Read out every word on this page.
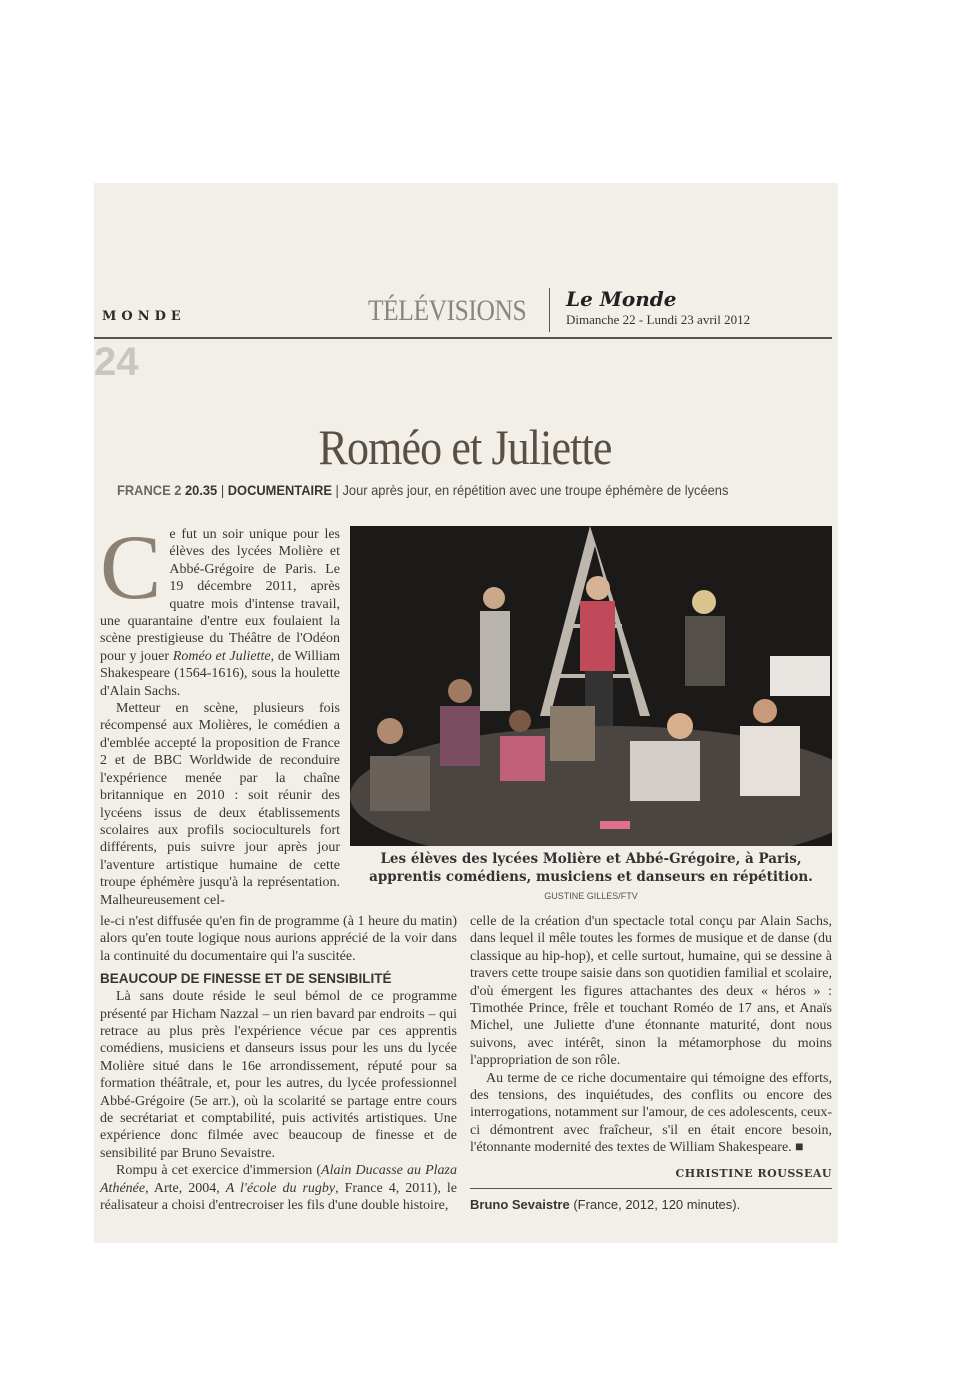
MONDE	TÉLÉVISIONS Le Monde
Dimanche 22 - Lundi 23 avril 2012
24
Roméo et Juliette
FRANCE 2 20.35 | DOCUMENTAIRE | Jour après jour, en répétition avec une troupe éphémère de lycéens

Ce fut un soir unique pour les élèves des lycées Molière et Abbé-Grégoire de Paris. Le 19 décembre 2011, après quatre mois d'intense travail, une quarantaine d'entre eux foulaient la scène prestigieuse du Théâtre de l'Odéon pour y jouer Roméo et Juliette, de William Shakespeare (1564-1616), sous la houlette d'Alain Sachs.

Metteur en scène, plusieurs fois récompensé aux Molières, le comédien a d'emblée accepté la proposition de France 2 et de BBC Worldwide de reconduire l'expérience menée par la chaîne britannique en 2010 : soit réunir des lycéens issus de deux établissements scolaires aux profils socioculturels fort différents, puis suivre jour après jour l'aventure artistique humaine de cette troupe éphémère jusqu'à la représentation. Malheureusement cel-

Les élèves des lycées Molière et Abbé-Grégoire, à Paris, apprentis comédiens, musiciens et danseurs en répétition. GUSTINE GILLES/FTV

le-ci n'est diffusée qu'en fin de programme (à 1 heure du matin) alors qu'en toute logique nous aurions apprécié de la voir dans la continuité du documentaire qui l'a suscitée.

BEAUCOUP DE FINESSE ET DE SENSIBILITÉ

Là sans doute réside le seul bémol de ce programme présenté par Hicham Nazzal – un rien bavard par endroits – qui retrace au plus près l'expérience vécue par ces apprentis comédiens, musiciens et danseurs issus pour les uns du lycée Molière situé dans le 16e arrondissement, réputé pour sa formation théâtrale, et, pour les autres, du lycée professionnel Abbé-Grégoire (5e arr.), où la scolarité se partage entre cours de secrétariat et comptabilité, puis activités artistiques. Une expérience donc filmée avec beaucoup de finesse et de sensibilité par Bruno Sevaistre.

Rompu à cet exercice d'immersion (Alain Ducasse au Plaza Athénée, Arte, 2004, A l'école du rugby, France 4, 2011), le réalisateur a choisi d'entrecroiser les fils d'une double histoire,

celle de la création d'un spectacle total conçu par Alain Sachs, dans lequel il mêle toutes les formes de musique et de danse (du classique au hip-hop), et celle surtout, humaine, qui se dessine à travers cette troupe saisie dans son quotidien familial et scolaire, d'où émergent les figures attachantes des deux « héros » : Timothée Prince, frêle et touchant Roméo de 17 ans, et Anaïs Michel, une Juliette d'une étonnante maturité, dont nous suivons, avec intérêt, sinon la métamorphose du moins l'appropriation de son rôle.

Au terme de ce riche documentaire qui témoigne des efforts, des tensions, des inquiétudes, des conflits ou encore des interrogations, notamment sur l'amour, de ces adolescents, ceux-ci démontrent avec fraîcheur, s'il en était encore besoin, l'étonnante modernité des textes de William Shakespeare. ■

CHRISTINE ROUSSEAU
Bruno Sevaistre (France, 2012, 120 minutes).
